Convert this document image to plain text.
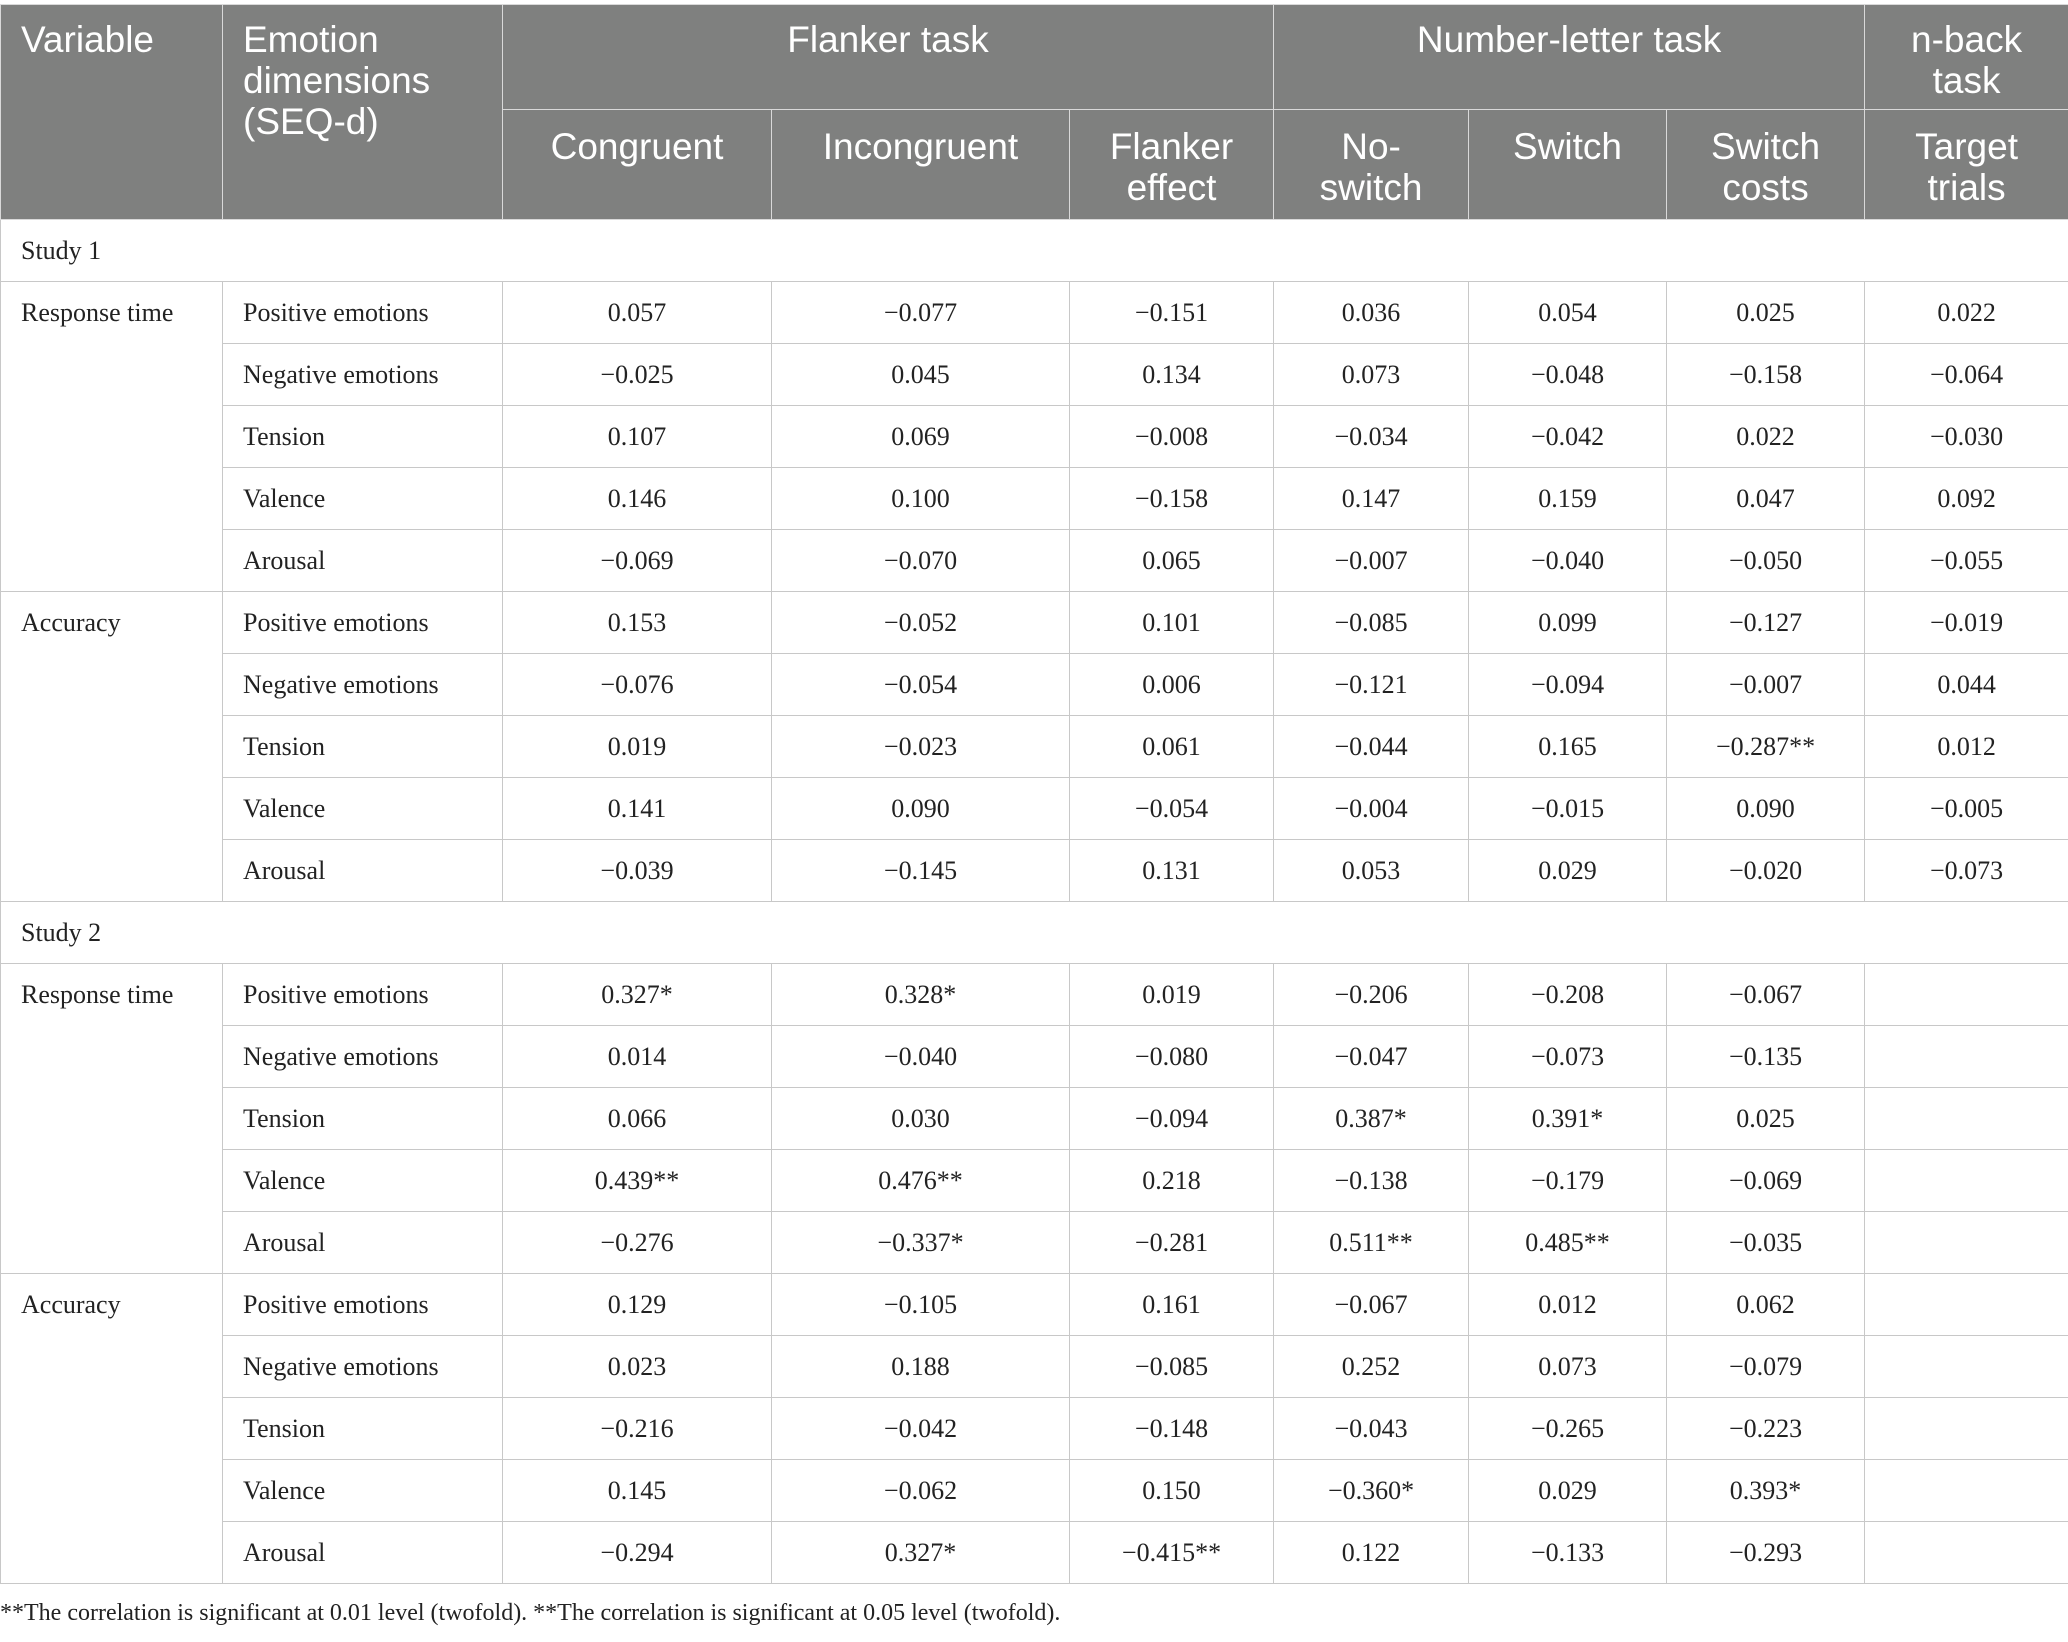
Variable	Emotion dimensions (SEQ-d)	Flanker task			Number-letter task			n-back task
		Congruent	Incongruent	Flanker effect	No-switch	Switch	Switch costs	Target trials
Study 1								
Response time	Positive emotions	0.057	−0.077	−0.151	0.036	0.054	0.025	0.022
	Negative emotions	−0.025	0.045	0.134	0.073	−0.048	−0.158	−0.064
	Tension	0.107	0.069	−0.008	−0.034	−0.042	0.022	−0.030
	Valence	0.146	0.100	−0.158	0.147	0.159	0.047	0.092
	Arousal	−0.069	−0.070	0.065	−0.007	−0.040	−0.050	−0.055
Accuracy	Positive emotions	0.153	−0.052	0.101	−0.085	0.099	−0.127	−0.019
	Negative emotions	−0.076	−0.054	0.006	−0.121	−0.094	−0.007	0.044
	Tension	0.019	−0.023	0.061	−0.044	0.165	−0.287**	0.012
	Valence	0.141	0.090	−0.054	−0.004	−0.015	0.090	−0.005
	Arousal	−0.039	−0.145	0.131	0.053	0.029	−0.020	−0.073
Study 2								
Response time	Positive emotions	0.327*	0.328*	0.019	−0.206	−0.208	−0.067	
	Negative emotions	0.014	−0.040	−0.080	−0.047	−0.073	−0.135	
	Tension	0.066	0.030	−0.094	0.387*	0.391*	0.025	
	Valence	0.439**	0.476**	0.218	−0.138	−0.179	−0.069	
	Arousal	−0.276	−0.337*	−0.281	0.511**	0.485**	−0.035	
Accuracy	Positive emotions	0.129	−0.105	0.161	−0.067	0.012	0.062	
	Negative emotions	0.023	0.188	−0.085	0.252	0.073	−0.079	
	Tension	−0.216	−0.042	−0.148	−0.043	−0.265	−0.223	
	Valence	0.145	−0.062	0.150	−0.360*	0.029	0.393*	
	Arousal	−0.294	0.327*	−0.415**	0.122	−0.133	−0.293	
**The correlation is significant at 0.01 level (twofold). **The correlation is significant at 0.05 level (twofold).
